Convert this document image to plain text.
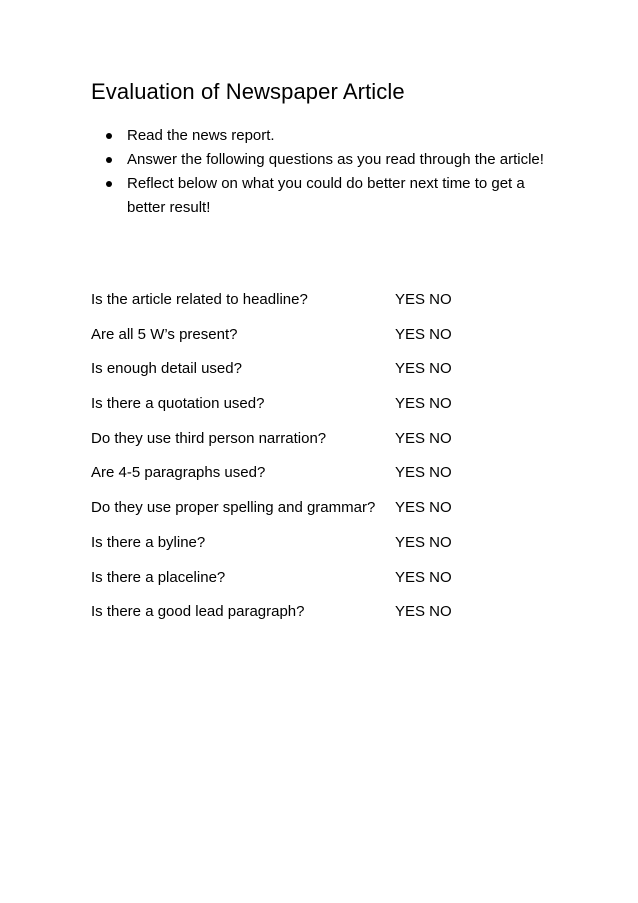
Evaluation of Newspaper Article
Read the news report.
Answer the following questions as you read through the article!
Reflect below on what you could do better next time to get a better result!
Is the article related to headline?	YES NO
Are all 5 W’s present?	YES NO
Is enough detail used?	YES NO
Is there a quotation used?	YES NO
Do they use third person narration?	YES NO
Are 4-5 paragraphs used?	YES NO
Do they use proper spelling and grammar?	YES NO
Is there a byline?	YES NO
Is there a placeline?	YES NO
Is there a good lead paragraph?	YES NO
